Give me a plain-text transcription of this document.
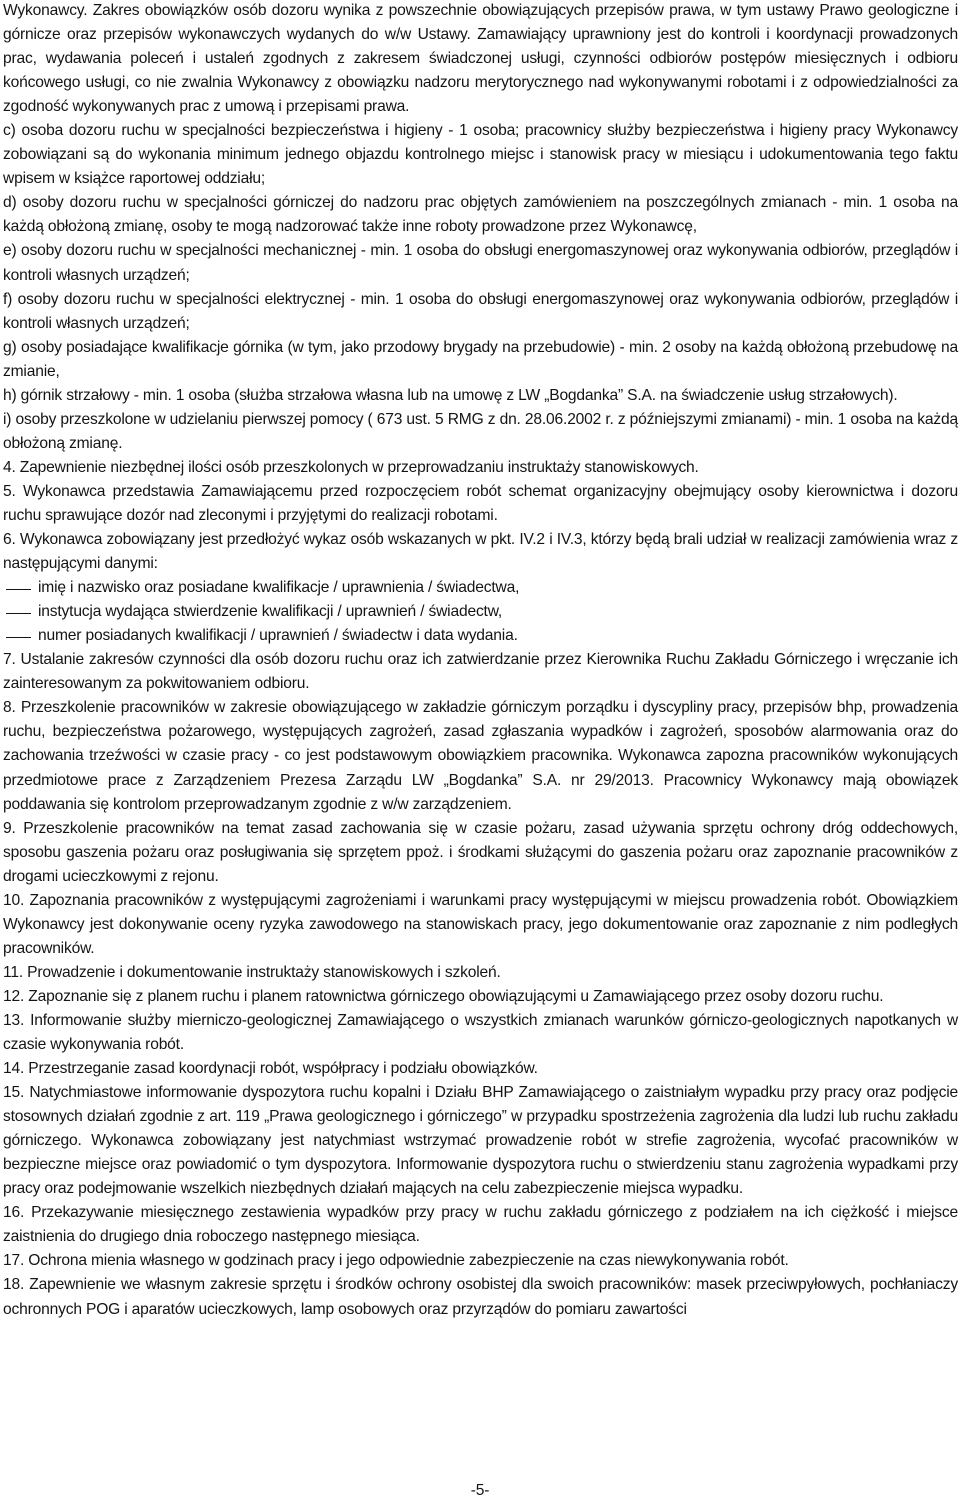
Wykonawcy. Zakres obowiązków osób dozoru wynika z powszechnie obowiązujących przepisów prawa, w tym ustawy Prawo geologiczne i górnicze oraz przepisów wykonawczych wydanych do w/w Ustawy. Zamawiający uprawniony jest do kontroli i koordynacji prowadzonych prac, wydawania poleceń i ustaleń zgodnych z zakresem świadczonej usługi, czynności odbiorów postępów miesięcznych i odbioru końcowego usługi, co nie zwalnia Wykonawcy z obowiązku nadzoru merytorycznego nad wykonywanymi robotami i z odpowiedzialności za zgodność wykonywanych prac z umową i przepisami prawa.

c) osoba dozoru ruchu w specjalności bezpieczeństwa i higieny - 1 osoba; pracownicy służby bezpieczeństwa i higieny pracy Wykonawcy zobowiązani są do wykonania minimum jednego objazdu kontrolnego miejsc i stanowisk pracy w miesiącu i udokumentowania tego faktu wpisem w książce raportowej oddziału;

d) osoby dozoru ruchu w specjalności górniczej do nadzoru prac objętych zamówieniem na poszczególnych zmianach - min. 1 osoba na każdą obłożoną zmianę, osoby te mogą nadzorować także inne roboty prowadzone przez Wykonawcę,

e) osoby dozoru ruchu w specjalności mechanicznej - min. 1 osoba do obsługi energomaszynowej oraz wykonywania odbiorów, przeglądów i kontroli własnych urządzeń;

f) osoby dozoru ruchu w specjalności elektrycznej - min. 1 osoba do obsługi energomaszynowej oraz wykonywania odbiorów, przeglądów i kontroli własnych urządzeń;

g) osoby posiadające kwalifikacje górnika (w tym, jako przodowy brygady na przebudowie) - min. 2 osoby na każdą obłożoną przebudowę na zmianie,

h) górnik strzałowy - min. 1 osoba (służba strzałowa własna lub na umowę z LW „Bogdanka” S.A. na świadczenie usług strzałowych).

i) osoby przeszkolone w udzielaniu pierwszej pomocy ( 673 ust. 5 RMG z dn. 28.06.2002 r. z późniejszymi zmianami) - min. 1 osoba na każdą obłożoną zmianę.

4. Zapewnienie niezbędnej ilości osób przeszkolonych w przeprowadzaniu instruktaży stanowiskowych.

5. Wykonawca przedstawia Zamawiającemu przed rozpoczęciem robót schemat organizacyjny obejmujący osoby kierownictwa i dozoru ruchu sprawujące dozór nad zleconymi i przyjętymi do realizacji robotami.

6. Wykonawca zobowiązany jest przedłożyć wykaz osób wskazanych w pkt. IV.2 i IV.3, którzy będą brali udział w realizacji zamówienia wraz z następującymi danymi:

imię i nazwisko oraz posiadane kwalifikacje / uprawnienia / świadectwa,
instytucja wydająca stwierdzenie kwalifikacji / uprawnień / świadectw,
numer posiadanych kwalifikacji / uprawnień / świadectw i data wydania.

7. Ustalanie zakresów czynności dla osób dozoru ruchu oraz ich zatwierdzanie przez Kierownika Ruchu Zakładu Górniczego i wręczanie ich zainteresowanym za pokwitowaniem odbioru.

8. Przeszkolenie pracowników w zakresie obowiązującego w zakładzie górniczym porządku i dyscypliny pracy, przepisów bhp, prowadzenia ruchu, bezpieczeństwa pożarowego, występujących zagrożeń, zasad zgłaszania wypadków i zagrożeń, sposobów alarmowania oraz do zachowania trzeźwości w czasie pracy - co jest podstawowym obowiązkiem pracownika. Wykonawca zapozna pracowników wykonujących przedmiotowe prace z Zarządzeniem Prezesa Zarządu LW „Bogdanka” S.A. nr 29/2013. Pracownicy Wykonawcy mają obowiązek poddawania się kontrolom przeprowadzanym zgodnie z w/w zarządzeniem.

9. Przeszkolenie pracowników na temat zasad zachowania się w czasie pożaru, zasad używania sprzętu ochrony dróg oddechowych, sposobu gaszenia pożaru oraz posługiwania się sprzętem ppoż. i środkami służącymi do gaszenia pożaru oraz zapoznanie pracowników z drogami ucieczkowymi z rejonu.

10. Zapoznania pracowników z występującymi zagrożeniami i warunkami pracy występującymi w miejscu prowadzenia robót. Obowiązkiem Wykonawcy jest dokonywanie oceny ryzyka zawodowego na stanowiskach pracy, jego dokumentowanie oraz zapoznanie z nim podległych pracowników.

11. Prowadzenie i dokumentowanie instruktaży stanowiskowych i szkoleń.

12. Zapoznanie się z planem ruchu i planem ratownictwa górniczego obowiązującymi u Zamawiającego przez osoby dozoru ruchu.

13. Informowanie służby mierniczo-geologicznej Zamawiającego o wszystkich zmianach warunków górniczo-geologicznych napotkanych w czasie wykonywania robót.

14. Przestrzeganie zasad koordynacji robót, współpracy i podziału obowiązków.

15. Natychmiastowe informowanie dyspozytora ruchu kopalni i Działu BHP Zamawiającego o zaistniałym wypadku przy pracy oraz podjęcie stosownych działań zgodnie z art. 119 „Prawa geologicznego i górniczego” w przypadku spostrzeżenia zagrożenia dla ludzi lub ruchu zakładu górniczego. Wykonawca zobowiązany jest natychmiast wstrzymać prowadzenie robót w strefie zagrożenia, wycofać pracowników w bezpieczne miejsce oraz powiadomić o tym dyspozytora. Informowanie dyspozytora ruchu o stwierdzeniu stanu zagrożenia wypadkami przy pracy oraz podejmowanie wszelkich niezbędnych działań mających na celu zabezpieczenie miejsca wypadku.

16. Przekazywanie miesięcznego zestawienia wypadków przy pracy w ruchu zakładu górniczego z podziałem na ich ciężkość i miejsce zaistnienia do drugiego dnia roboczego następnego miesiąca.

17. Ochrona mienia własnego w godzinach pracy i jego odpowiednie zabezpieczenie na czas niewykonywania robót.

18. Zapewnienie we własnym zakresie sprzętu i środków ochrony osobistej dla swoich pracowników: masek przeciwpyłowych, pochłaniaczy ochronnych POG i aparatów ucieczkowych, lamp osobowych oraz przyrządów do pomiaru zawartości

-5-
